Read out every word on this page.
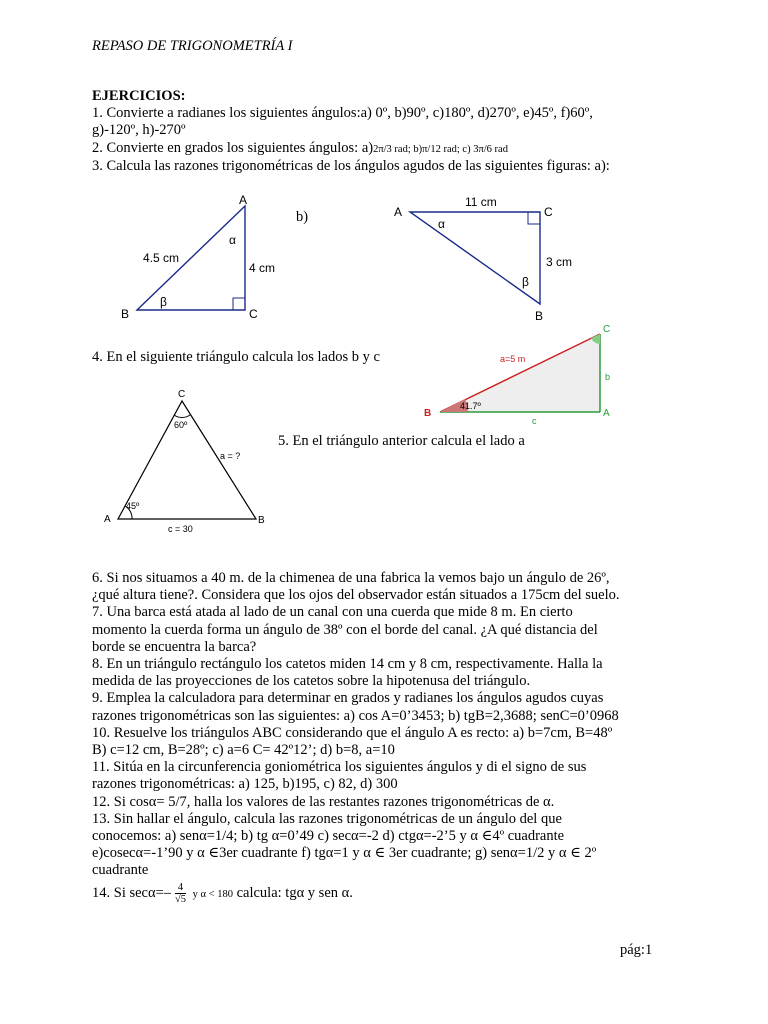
REPASO DE TRIGONOMETRÍA I
EJERCICIOS:
1. Convierte a radianes los siguientes ángulos:a) 0º, b)90º, c)180º, d)270º, e)45º, f)60º,
g)-120º, h)-270º
2. Convierte en grados los siguientes ángulos: a)2π/3 rad; b)π/12 rad; c) 3π/6 rad
3. Calcula las razones trigonométricas de los ángulos agudos de las siguientes figuras: a):
A
B	C
4.5 cm
4 cm
α
β
b)	A	C
B
11 cm
3 cm
α
β
4. En el siguiente triángulo calcula los lados b y c
B
C
A
a=5 m
b
c
41.7º
C
A	B
60º
45º
a = ?
c = 30
5. En el triángulo anterior calcula el lado a
6. Si nos situamos a 40 m. de la chimenea de una fabrica la vemos bajo un ángulo de 26º,
¿qué altura tiene?. Considera que los ojos del observador están situados a 175cm del suelo.
7. Una barca está atada al lado de un canal con una cuerda que mide 8 m. En cierto
momento la cuerda forma un ángulo de 38º con el borde del canal. ¿A qué distancia del
borde se encuentra la barca?
8. En un triángulo rectángulo los catetos miden 14 cm y 8 cm, respectivamente. Halla la
medida de las proyecciones de los catetos sobre la hipotenusa del triángulo.
9. Emplea la calculadora para determinar en grados y radianes los ángulos agudos cuyas
razones trigonométricas son las siguientes: a) cos A=0’3453; b) tgB=2,3688; senC=0’0968
10. Resuelve los triángulos ABC considerando que el ángulo A es recto: a) b=7cm, B=48º
B) c=12 cm, B=28º; c) a=6 C= 42º12’; d) b=8, a=10
11. Sitúa en la circunferencia goniométrica los siguientes ángulos y di el signo de sus
razones trigonométricas: a) 125, b)195, c) 82, d) 300
12. Si cosα= 5/7, halla los valores de las restantes razones trigonométricas de α.
13. Sin hallar el ángulo, calcula las razones trigonométricas de un ángulo del que
conocemos: a) senα=1/4; b) tg α=0’49 c) secα=-2 d) ctgα=-2’5 y α ∈4º cuadrante
e)cosecα=-1’90 y α ∈3er cuadrante f) tgα=1 y α ∈ 3er cuadrante; g) senα=1/2 y α ∈ 2º
cuadrante
14. Si $\sec\alpha=- \frac{4}{√5}$ y α < 180 calcula: tgα y sen α.
pág:1
